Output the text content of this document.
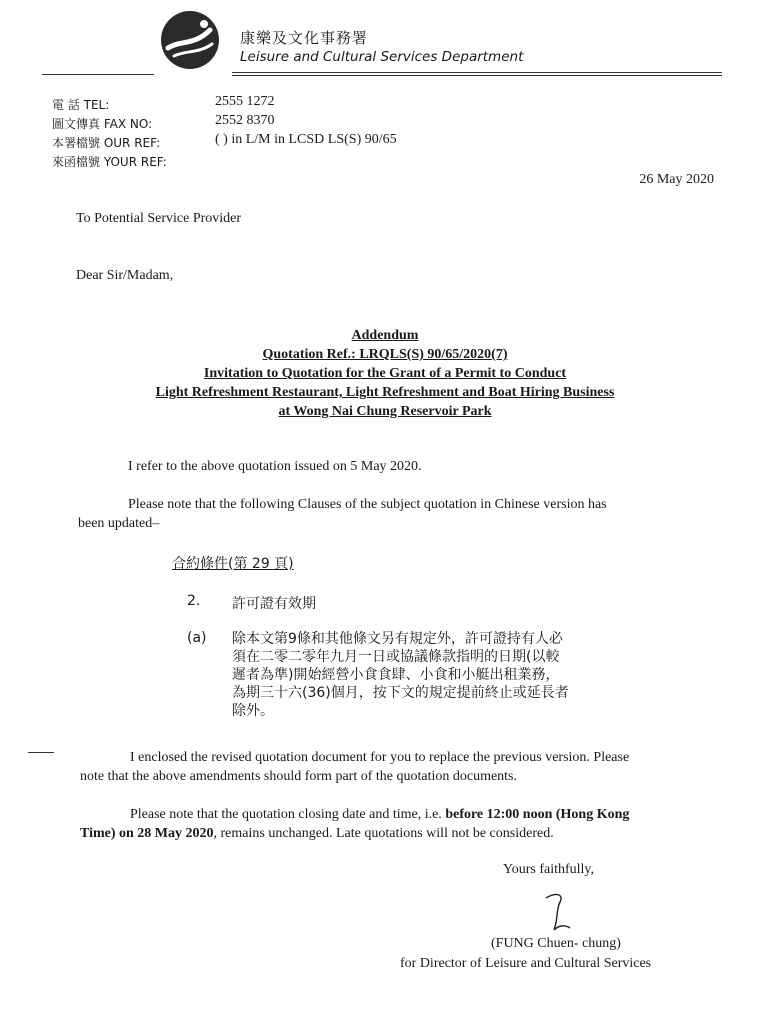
康樂及文化事務署
Leisure and Cultural Services Department
電 話 TEL:	2555 1272
圖文傳真 FAX NO:	2552 8370
本署檔號 OUR REF:	( ) in L/M in LCSD LS(S) 90/65
來函檔號 YOUR REF:
26 May 2020
To Potential Service Provider
Dear Sir/Madam,
Addendum
Quotation Ref.: LRQLS(S) 90/65/2020(7)
Invitation to Quotation for the Grant of a Permit to Conduct
Light Refreshment Restaurant, Light Refreshment and Boat Hiring Business
at Wong Nai Chung Reservoir Park
I refer to the above quotation issued on 5 May 2020.
Please note that the following Clauses of the subject quotation in Chinese version has
been updated–
合約條件(第 29 頁)
2. 許可證有效期
(a) 除本文第9條和其他條文另有規定外，許可證持有人必
須在二零二零年九月一日或協議條款指明的日期(以較
遲者為準)開始經營小食食肆、小食和小艇出租業務，
為期三十六(36)個月，按下文的規定提前終止或延長者
除外。
I enclosed the revised quotation document for you to replace the previous version. Please
note that the above amendments should form part of the quotation documents.
Please note that the quotation closing date and time, i.e. before 12:00 noon (Hong Kong
Time) on 28 May 2020, remains unchanged. Late quotations will not be considered.
Yours faithfully,
(FUNG Chuen- chung)
for Director of Leisure and Cultural Services
